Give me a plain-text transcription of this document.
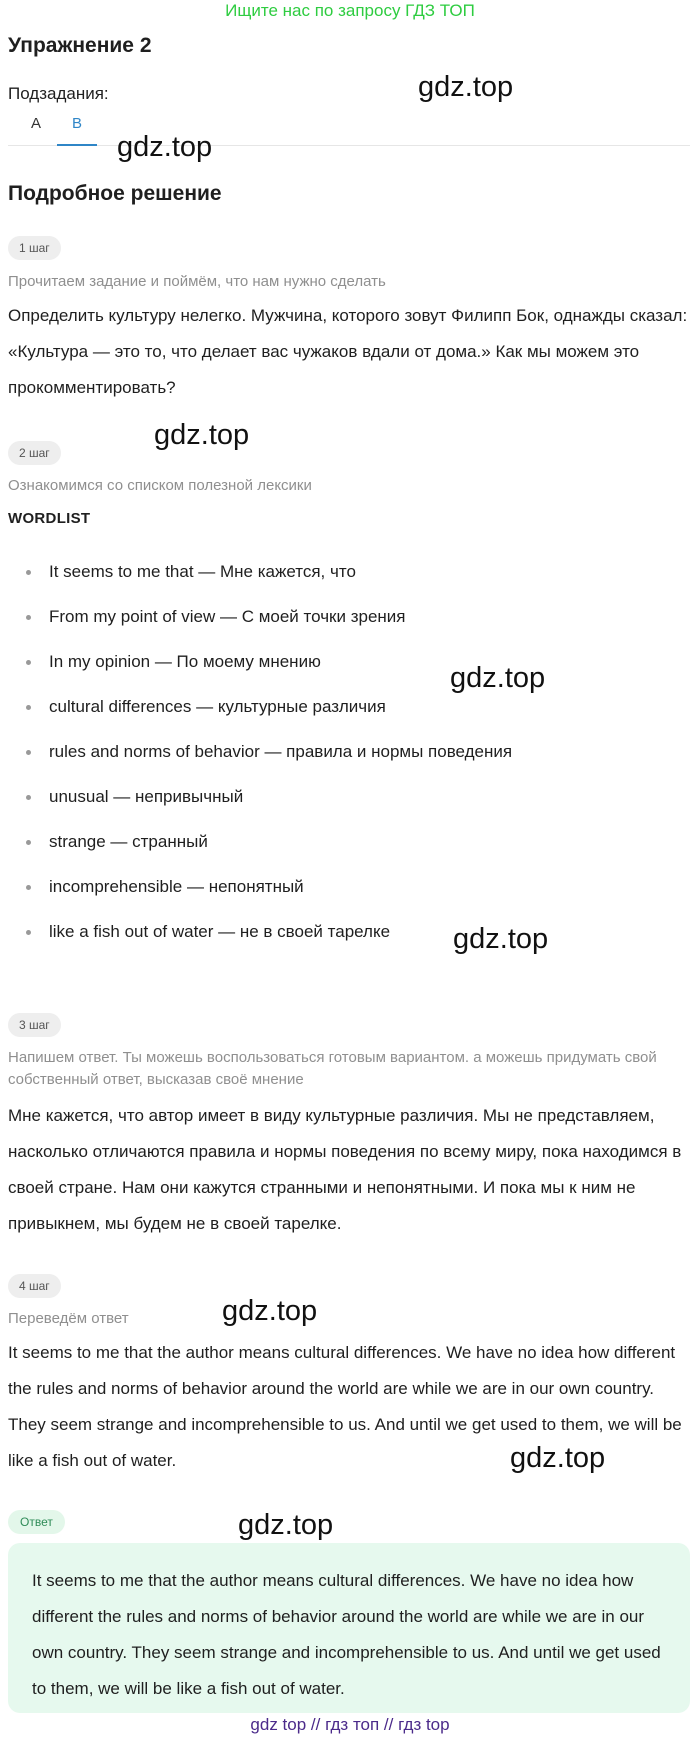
Ищите нас по запросу ГДЗ ТОП
Упражнение 2
Подзадания:
A	B
Подробное решение
1 шаг
Прочитаем задание и поймём, что нам нужно сделать
Определить культуру нелегко. Мужчина, которого зовут Филипп Бок, однажды сказал: «Культура — это то, что делает вас чужаков вдали от дома.» Как мы можем это прокомментировать?
2 шаг
Ознакомимся со списком полезной лексики
WORDLIST
It seems to me that — Мне кажется, что
From my point of view — С моей точки зрения
In my opinion — По моему мнению
cultural differences — культурные различия
rules and norms of behavior — правила и нормы поведения
unusual — непривычный
strange — странный
incomprehensible — непонятный
like a fish out of water — не в своей тарелке
3 шаг
Напишем ответ. Ты можешь воспользоваться готовым вариантом. а можешь придумать свой собственный ответ, высказав своё мнение
Мне кажется, что автор имеет в виду культурные различия. Мы не представляем, насколько отличаются правила и нормы поведения по всему миру, пока находимся в своей стране. Нам они кажутся странными и непонятными. И пока мы к ним не привыкнем, мы будем не в своей тарелке.
4 шаг
Переведём ответ
It seems to me that the author means cultural differences. We have no idea how different the rules and norms of behavior around the world are while we are in our own country. They seem strange and incomprehensible to us. And until we get used to them, we will be like a fish out of water.
Ответ
It seems to me that the author means cultural differences. We have no idea how different the rules and norms of behavior around the world are while we are in our own country. They seem strange and incomprehensible to us. And until we get used to them, we will be like a fish out of water.
gdz top // гдз топ // гдз top
gdz.top
gdz.top
gdz.top
gdz.top
gdz.top
gdz.top
gdz.top
gdz.top
